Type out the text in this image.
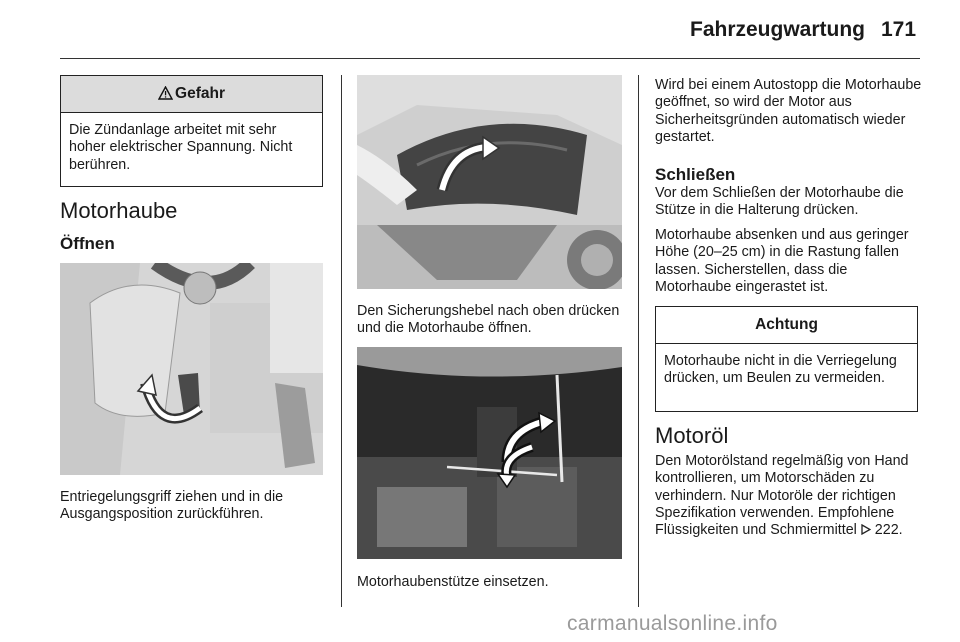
Fahrzeugwartung 171
Gefahr
Die Zündanlage arbeitet mit sehr hoher elektrischer Spannung. Nicht berühren.
Motorhaube
Öffnen
Entriegelungsgriff ziehen und in die Ausgangsposition zurückführen.
Den Sicherungshebel nach oben drücken und die Motorhaube öffnen.
Motorhaubenstütze einsetzen.
Wird bei einem Autostopp die Motorhaube geöffnet, so wird der Motor aus Sicherheitsgründen automatisch wieder gestartet.
Schließen
Vor dem Schließen der Motorhaube die Stütze in die Halterung drücken.
Motorhaube absenken und aus geringer Höhe (20–25 cm) in die Rastung fallen lassen. Sicherstellen, dass die Motorhaube eingerastet ist.
Achtung
Motorhaube nicht in die Verriegelung drücken, um Beulen zu vermeiden.
Motoröl
Den Motorölstand regelmäßig von Hand kontrollieren, um Motorschäden zu verhindern. Nur Motoröle der richtigen Spezifikation verwenden. Empfohlene Flüssigkeiten und Schmiermittel 222.
carmanualsonline.info
